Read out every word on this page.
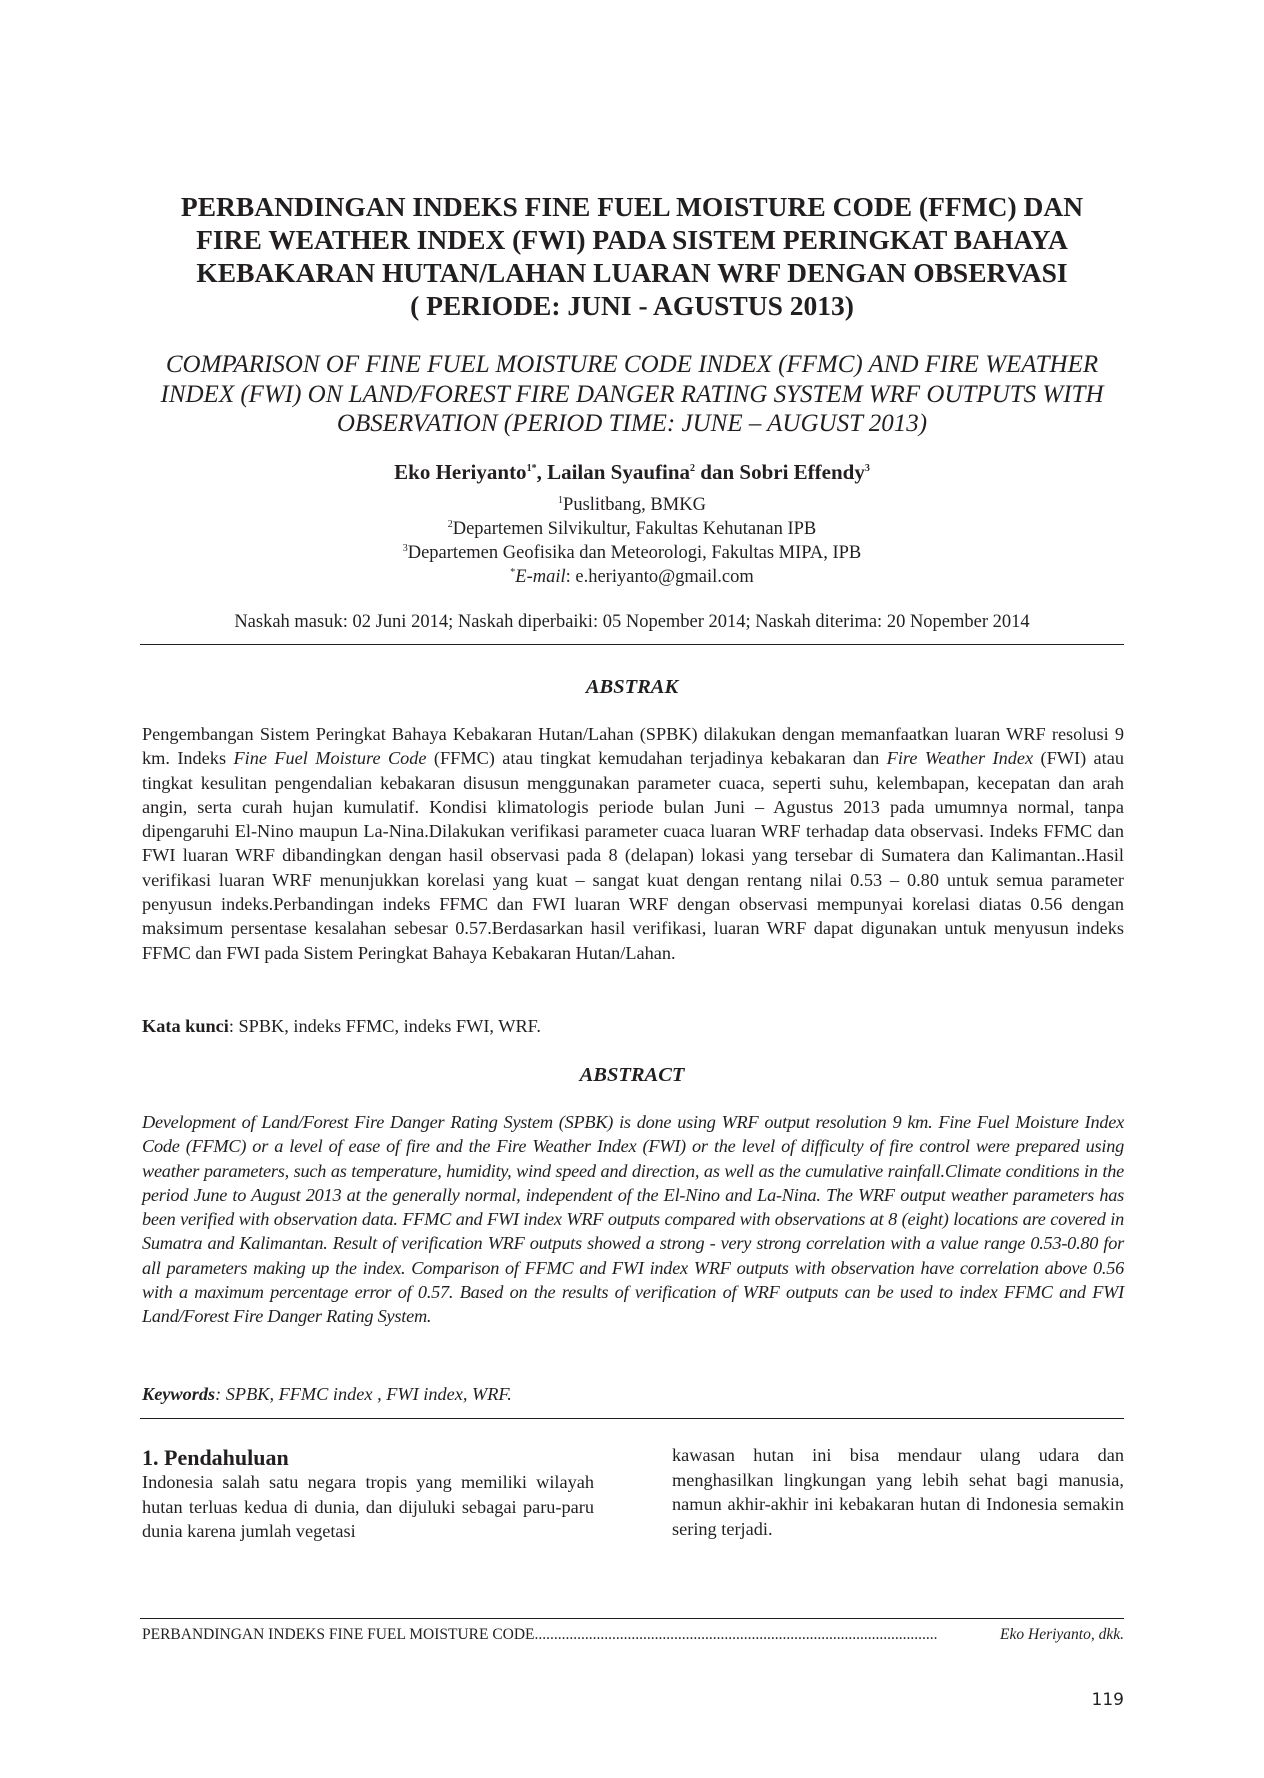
PERBANDINGAN INDEKS FINE FUEL MOISTURE CODE (FFMC) DAN
FIRE WEATHER INDEX (FWI) PADA SISTEM PERINGKAT BAHAYA
KEBAKARAN HUTAN/LAHAN LUARAN WRF DENGAN OBSERVASI
( PERIODE: JUNI - AGUSTUS 2013)
COMPARISON OF FINE FUEL MOISTURE CODE INDEX (FFMC) AND FIRE WEATHER
INDEX (FWI) ON LAND/FOREST FIRE DANGER RATING SYSTEM WRF OUTPUTS WITH
OBSERVATION (PERIOD TIME: JUNE – AUGUST 2013)
Eko Heriyanto$^{1*}$, Lailan Syaufina$^2$ dan Sobri Effendy$^3$
$^1$Puslitbang, BMKG
$^2$Departemen Silvikultur, Fakultas Kehutanan IPB
$^3$Departemen Geofisika dan Meteorologi, Fakultas MIPA, IPB
*E-mail: e.heriyanto@gmail.com
Naskah masuk: 02 Juni 2014; Naskah diperbaiki: 05 Nopember 2014; Naskah diterima: 20 Nopember 2014
ABSTRAK

Pengembangan Sistem Peringkat Bahaya Kebakaran Hutan/Lahan (SPBK) dilakukan dengan memanfaatkan luaran WRF resolusi 9 km. Indeks Fine Fuel Moisture Code (FFMC) atau tingkat kemudahan terjadinya kebakaran dan Fire Weather Index (FWI) atau tingkat kesulitan pengendalian kebakaran disusun menggunakan parameter cuaca, seperti suhu, kelembapan, kecepatan dan arah angin, serta curah hujan kumulatif. Kondisi klimatologis periode bulan Juni – Agustus 2013 pada umumnya normal, tanpa dipengaruhi El-Nino maupun La-Nina.Dilakukan verifikasi parameter cuaca luaran WRF terhadap data observasi. Indeks FFMC dan FWI luaran WRF dibandingkan dengan hasil observasi pada 8 (delapan) lokasi yang tersebar di Sumatera dan Kalimantan..Hasil verifikasi luaran WRF menunjukkan korelasi yang kuat – sangat kuat dengan rentang nilai 0.53 – 0.80 untuk semua parameter penyusun indeks.Perbandingan indeks FFMC dan FWI luaran WRF dengan observasi mempunyai korelasi diatas 0.56 dengan maksimum persentase kesalahan sebesar 0.57.Berdasarkan hasil verifikasi, luaran WRF dapat digunakan untuk menyusun indeks FFMC dan FWI pada Sistem Peringkat Bahaya Kebakaran Hutan/Lahan.

Kata kunci: SPBK, indeks FFMC, indeks FWI, WRF.
ABSTRACT

Development of Land/Forest Fire Danger Rating System (SPBK) is done using WRF output resolution 9 km. Fine Fuel Moisture Index Code (FFMC) or a level of ease of fire and the Fire Weather Index (FWI) or the level of difficulty of fire control were prepared using weather parameters, such as temperature, humidity, wind speed and direction, as well as the cumulative rainfall.Climate conditions in the period June to August 2013 at the generally normal, independent of the El-Nino and La-Nina. The WRF output weather parameters has been verified with observation data. FFMC and FWI index WRF outputs compared with observations at 8 (eight) locations are covered in Sumatra and Kalimantan. Result of verification WRF outputs showed a strong - very strong correlation with a value range 0.53-0.80 for all parameters making up the index. Comparison of FFMC and FWI index WRF outputs with observation have correlation above 0.56 with a maximum percentage error of 0.57. Based on the results of verification of WRF outputs can be used to index FFMC and FWI Land/Forest Fire Danger Rating System.

Keywords: SPBK, FFMC index , FWI index, WRF.
1. Pendahuluan

Indonesia salah satu negara tropis yang memiliki wilayah hutan terluas kedua di dunia, dan dijuluki sebagai paru-paru dunia karena jumlah vegetasi

kawasan hutan ini bisa mendaur ulang udara dan menghasilkan lingkungan yang lebih sehat bagi manusia, namun akhir-akhir ini kebakaran hutan di Indonesia semakin sering terjadi.

PERBANDINGAN INDEKS FINE FUEL MOISTURE CODE........................................................................................................	Eko Heriyanto, dkk.
119
